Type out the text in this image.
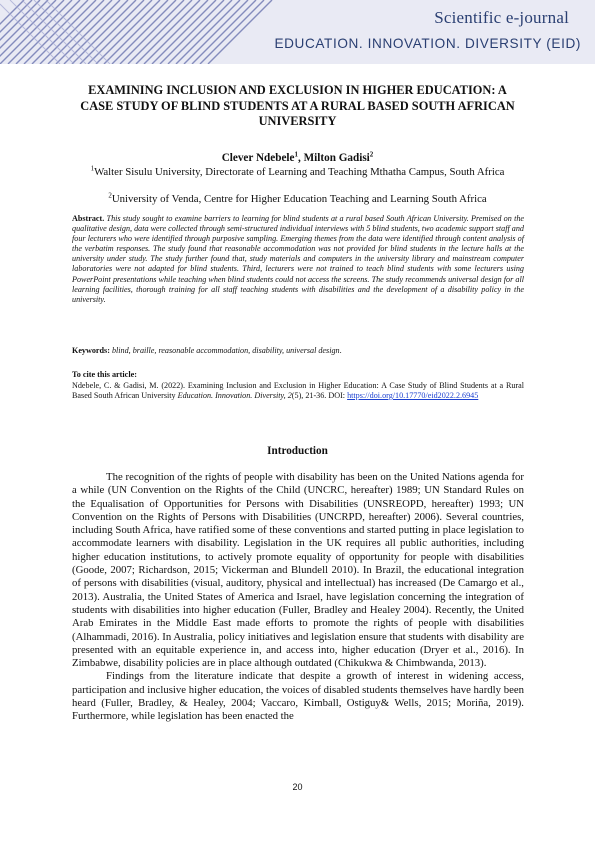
Scientific e-journal
EDUCATION. INNOVATION. DIVERSITY (EID)
EXAMINING INCLUSION AND EXCLUSION IN HIGHER EDUCATION: A CASE STUDY OF BLIND STUDENTS AT A RURAL BASED SOUTH AFRICAN UNIVERSITY
Clever Ndebele$^1$, Milton Gadisi$^2$
$^1$Walter Sisulu University, Directorate of Learning and Teaching Mthatha Campus, South Africa
$^2$University of Venda, Centre for Higher Education Teaching and Learning South Africa
Abstract. This study sought to examine barriers to learning for blind students at a rural based South African University. Premised on the qualitative design, data were collected through semi-structured individual interviews with 5 blind students, two academic support staff and four lecturers who were identified through purposive sampling. Emerging themes from the data were identified through content analysis of the verbatim responses. The study found that reasonable accommodation was not provided for blind students in the lecture halls at the university under study. The study further found that, study materials and computers in the university library and mainstream computer laboratories were not adapted for blind students. Third, lecturers were not trained to teach blind students with some lecturers using PowerPoint presentations while teaching when blind students could not access the screens. The study recommends universal design for all learning facilities, thorough training for all staff teaching students with disabilities and the development of a disability policy in the university.
Keywords: blind, braille, reasonable accommodation, disability, universal design.
To cite this article:
Ndebele, C. & Gadisi, M. (2022). Examining Inclusion and Exclusion in Higher Education: A Case Study of Blind Students at a Rural Based South African University Education. Innovation. Diversity, 2(5), 21-36. DOI: https://doi.org/10.17770/eid2022.2.6945
Introduction

The recognition of the rights of people with disability has been on the United Nations agenda for a while (UN Convention on the Rights of the Child (UNCRC, hereafter) 1989; UN Standard Rules on the Equalisation of Opportunities for Persons with Disabilities (UNSREOPD, hereafter) 1993; UN Convention on the Rights of Persons with Disabilities (UNCRPD, hereafter) 2006). Several countries, including South Africa, have ratified some of these conventions and started putting in place legislation to accommodate learners with disability. Legislation in the UK requires all public authorities, including higher education institutions, to actively promote equality of opportunity for people with disabilities (Goode, 2007; Richardson, 2015; Vickerman and Blundell 2010). In Brazil, the educational integration of persons with disabilities (visual, auditory, physical and intellectual) has increased (De Camargo et al., 2013). Australia, the United States of America and Israel, have legislation concerning the integration of students with disabilities into higher education (Fuller, Bradley and Healey 2004). Recently, the United Arab Emirates in the Middle East made efforts to promote the rights of people with disabilities (Alhammadi, 2016). In Australia, policy initiatives and legislation ensure that students with disability are presented with an equitable experience in, and access into, higher education (Dryer et al., 2016). In Zimbabwe, disability policies are in place although outdated (Chikukwa & Chimbwanda, 2013).

Findings from the literature indicate that despite a growth of interest in widening access, participation and inclusive higher education, the voices of disabled students themselves have hardly been heard (Fuller, Bradley, & Healey, 2004; Vaccaro, Kimball, Ostiguy& Wells, 2015; Moriña, 2019). Furthermore, while legislation has been enacted the

20
